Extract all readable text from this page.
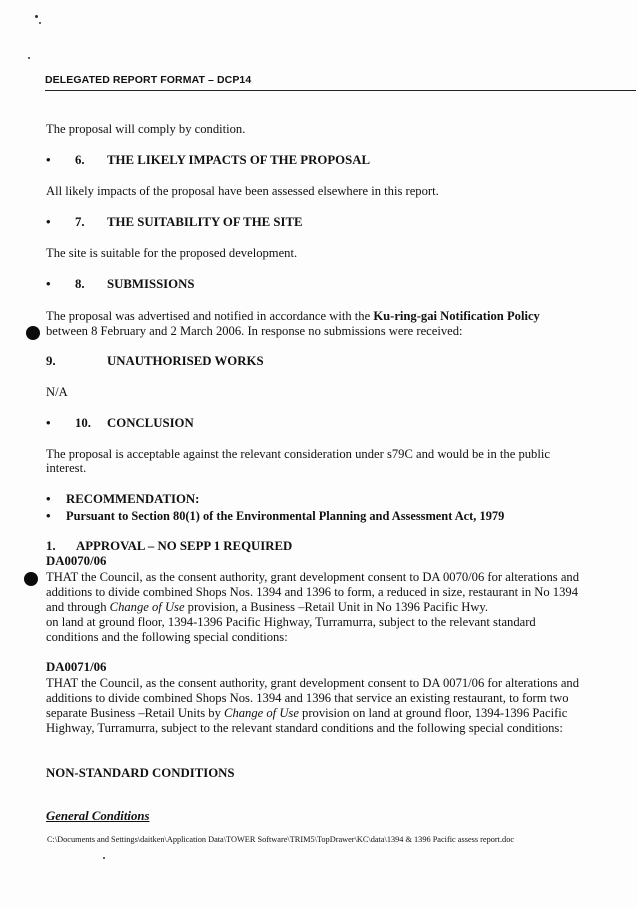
DELEGATED REPORT FORMAT – DCP14
The proposal will comply by condition.
• 6. THE LIKELY IMPACTS OF THE PROPOSAL
All likely impacts of the proposal have been assessed elsewhere in this report.
• 7. THE SUITABILITY OF THE SITE
The site is suitable for the proposed development.
• 8. SUBMISSIONS
The proposal was advertised and notified in accordance with the Ku-ring-gai Notification Policy
between 8 February and 2 March 2006. In response no submissions were received:
9.	UNAUTHORISED WORKS
N/A
• 10. CONCLUSION
The proposal is acceptable against the relevant consideration under s79C and would be in the public
interest.
• RECOMMENDATION:
• Pursuant to Section 80(1) of the Environmental Planning and Assessment Act, 1979
1. APPROVAL – NO SEPP 1 REQUIRED
DA0070/06
THAT the Council, as the consent authority, grant development consent to DA 0070/06 for alterations and
additions to divide combined Shops Nos. 1394 and 1396 to form, a reduced in size, restaurant in No 1394
and through Change of Use provision, a Business –Retail Unit in No 1396 Pacific Hwy.
on land at ground floor, 1394-1396 Pacific Highway, Turramurra, subject to the relevant standard
conditions and the following special conditions:
DA0071/06
THAT the Council, as the consent authority, grant development consent to DA 0071/06 for alterations and
additions to divide combined Shops Nos. 1394 and 1396 that service an existing restaurant, to form two
separate Business –Retail Units by Change of Use provision on land at ground floor, 1394-1396 Pacific
Highway, Turramurra, subject to the relevant standard conditions and the following special conditions:
NON-STANDARD CONDITIONS
General Conditions
C:\Documents and Settings\daitken\Application Data\TOWER Software\TRIM5\TopDrawer\KC\data\1394 & 1396 Pacific assess report.doc
